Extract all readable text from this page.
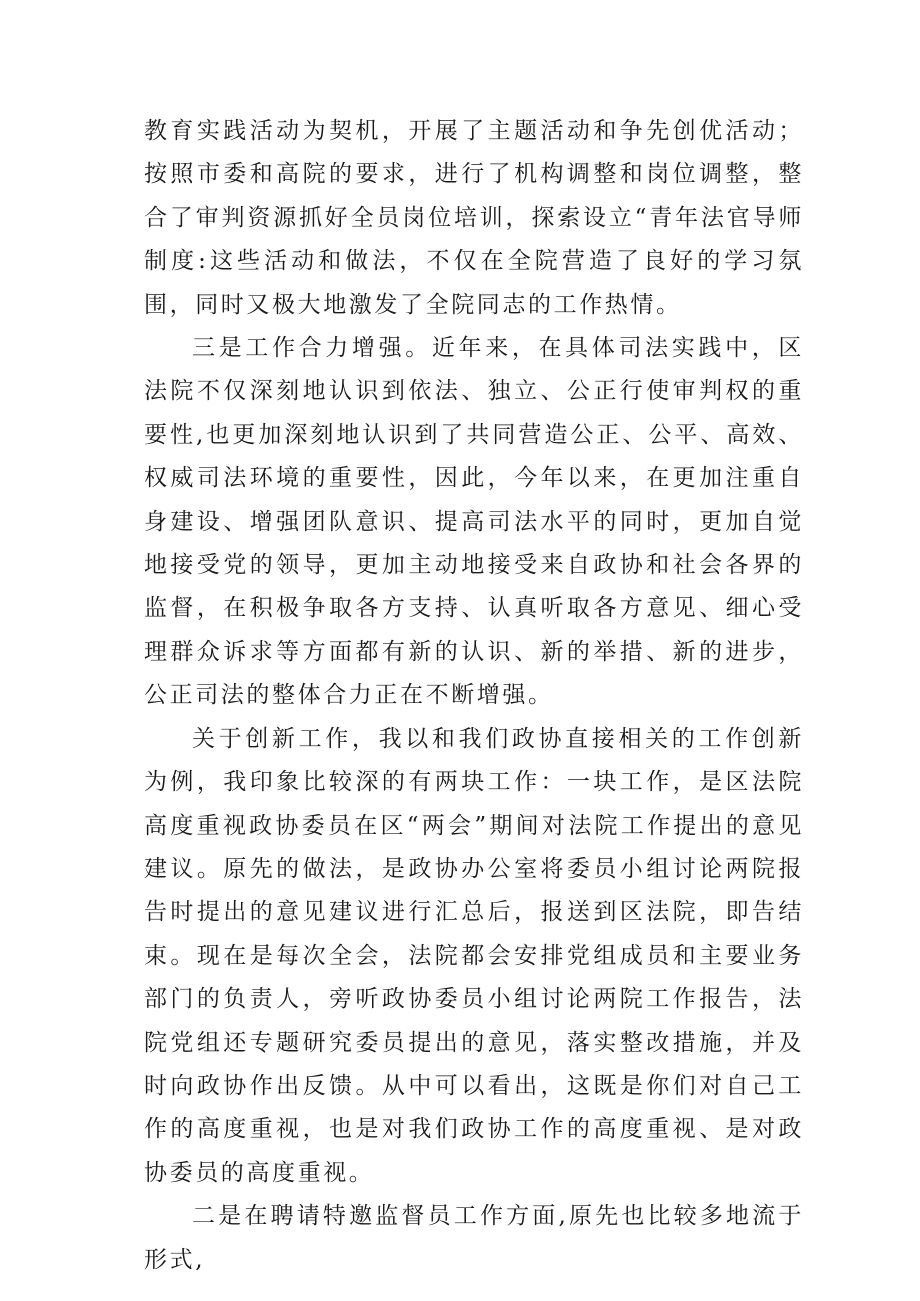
教育实践活动为契机，开展了主题活动和争先创优活动；按照市委和高院的要求，进行了机构调整和岗位调整，整合了审判资源抓好全员岗位培训，探索设立“青年法官导师制度:这些活动和做法，不仅在全院营造了良好的学习氛围，同时又极大地激发了全院同志的工作热情。

三是工作合力增强。近年来，在具体司法实践中，区法院不仅深刻地认识到依法、独立、公正行使审判权的重要性,也更加深刻地认识到了共同营造公正、公平、高效、权威司法环境的重要性，因此，今年以来，在更加注重自身建设、增强团队意识、提高司法水平的同时，更加自觉地接受党的领导，更加主动地接受来自政协和社会各界的监督，在积极争取各方支持、认真听取各方意见、细心受理群众诉求等方面都有新的认识、新的举措、新的进步，公正司法的整体合力正在不断增强。

关于创新工作，我以和我们政协直接相关的工作创新为例，我印象比较深的有两块工作：一块工作，是区法院高度重视政协委员在区“两会”期间对法院工作提出的意见建议。原先的做法，是政协办公室将委员小组讨论两院报告时提出的意见建议进行汇总后，报送到区法院，即告结束。现在是每次全会，法院都会安排党组成员和主要业务部门的负责人，旁听政协委员小组讨论两院工作报告，法院党组还专题研究委员提出的意见，落实整改措施，并及时向政协作出反馈。从中可以看出，这既是你们对自己工作的高度重视，也是对我们政协工作的高度重视、是对政协委员的高度重视。

二是在聘请特邀监督员工作方面,原先也比较多地流于形式,
